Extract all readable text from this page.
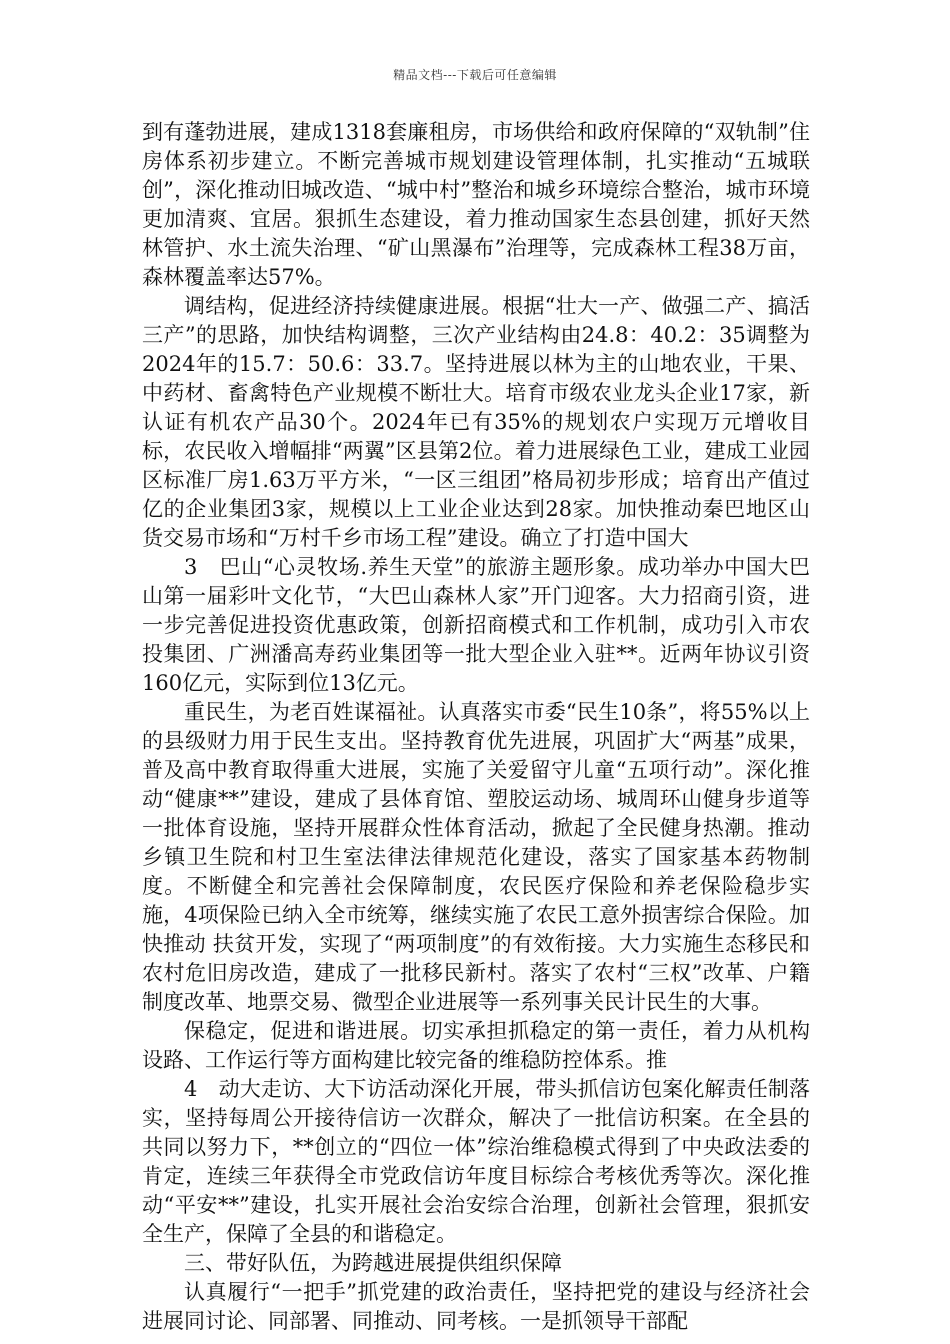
精品文档---下载后可任意编辑

到有蓬勃进展，建成1318套廉租房，市场供给和政府保障的“双轨制”住房体系初步建立。不断完善城市规划建设管理体制，扎实推动“五城联创”，深化推动旧城改造、“城中村”整治和城乡环境综合整治，城市环境更加清爽、宜居。狠抓生态建设，着力推动国家生态县创建，抓好天然林管护、水土流失治理、“矿山黑瀑布”治理等，完成森林工程38万亩，森林覆盖率达57%。

调结构，促进经济持续健康进展。根据“壮大一产、做强二产、搞活三产”的思路，加快结构调整，三次产业结构由24.8：40.2：35调整为2024年的15.7：50.6：33.7。坚持进展以林为主的山地农业，干果、中药材、畜禽特色产业规模不断壮大。培育市级农业龙头企业17家，新认证有机农产品30个。2024年已有35%的规划农户实现万元增收目标，农民收入增幅排“两翼”区县第2位。着力进展绿色工业，建成工业园区标准厂房1.63万平方米，“一区三组团”格局初步形成；培育出产值过亿的企业集团3家，规模以上工业企业达到28家。加快推动秦巴地区山货交易市场和“万村千乡市场工程”建设。确立了打造中国大

3　巴山“心灵牧场.养生天堂”的旅游主题形象。成功举办中国大巴山第一届彩叶文化节，“大巴山森林人家”开门迎客。大力招商引资，进一步完善促进投资优惠政策，创新招商模式和工作机制，成功引入市农投集团、广洲潘高寿药业集团等一批大型企业入驻**。近两年协议引资160亿元，实际到位13亿元。

重民生，为老百姓谋福祉。认真落实市委“民生10条”，将55%以上的县级财力用于民生支出。坚持教育优先进展，巩固扩大“两基”成果，普及高中教育取得重大进展，实施了关爱留守儿童“五项行动”。深化推动“健康**”建设，建成了县体育馆、塑胶运动场、城周环山健身步道等一批体育设施，坚持开展群众性体育活动，掀起了全民健身热潮。推动乡镇卫生院和村卫生室法律法律规范化建设，落实了国家基本药物制度。不断健全和完善社会保障制度，农民医疗保险和养老保险稳步实施，4项保险已纳入全市统筹，继续实施了农民工意外损害综合保险。加快推动 扶贫开发，实现了“两项制度”的有效衔接。大力实施生态移民和农村危旧房改造，建成了一批移民新村。落实了农村“三权”改革、户籍制度改革、地票交易、微型企业进展等一系列事关民计民生的大事。

保稳定，促进和谐进展。切实承担抓稳定的第一责任，着力从机构设路、工作运行等方面构建比较完备的维稳防控体系。推

4　动大走访、大下访活动深化开展，带头抓信访包案化解责任制落实，坚持每周公开接待信访一次群众，解决了一批信访积案。在全县的共同以努力下，**创立的“四位一体”综治维稳模式得到了中央政法委的肯定，连续三年获得全市党政信访年度目标综合考核优秀等次。深化推动“平安**”建设，扎实开展社会治安综合治理，创新社会管理，狠抓安全生产，保障了全县的和谐稳定。

三、带好队伍，为跨越进展提供组织保障

认真履行“一把手”抓党建的政治责任，坚持把党的建设与经济社会进展同讨论、同部署、同推动、同考核。一是抓领导干部配
